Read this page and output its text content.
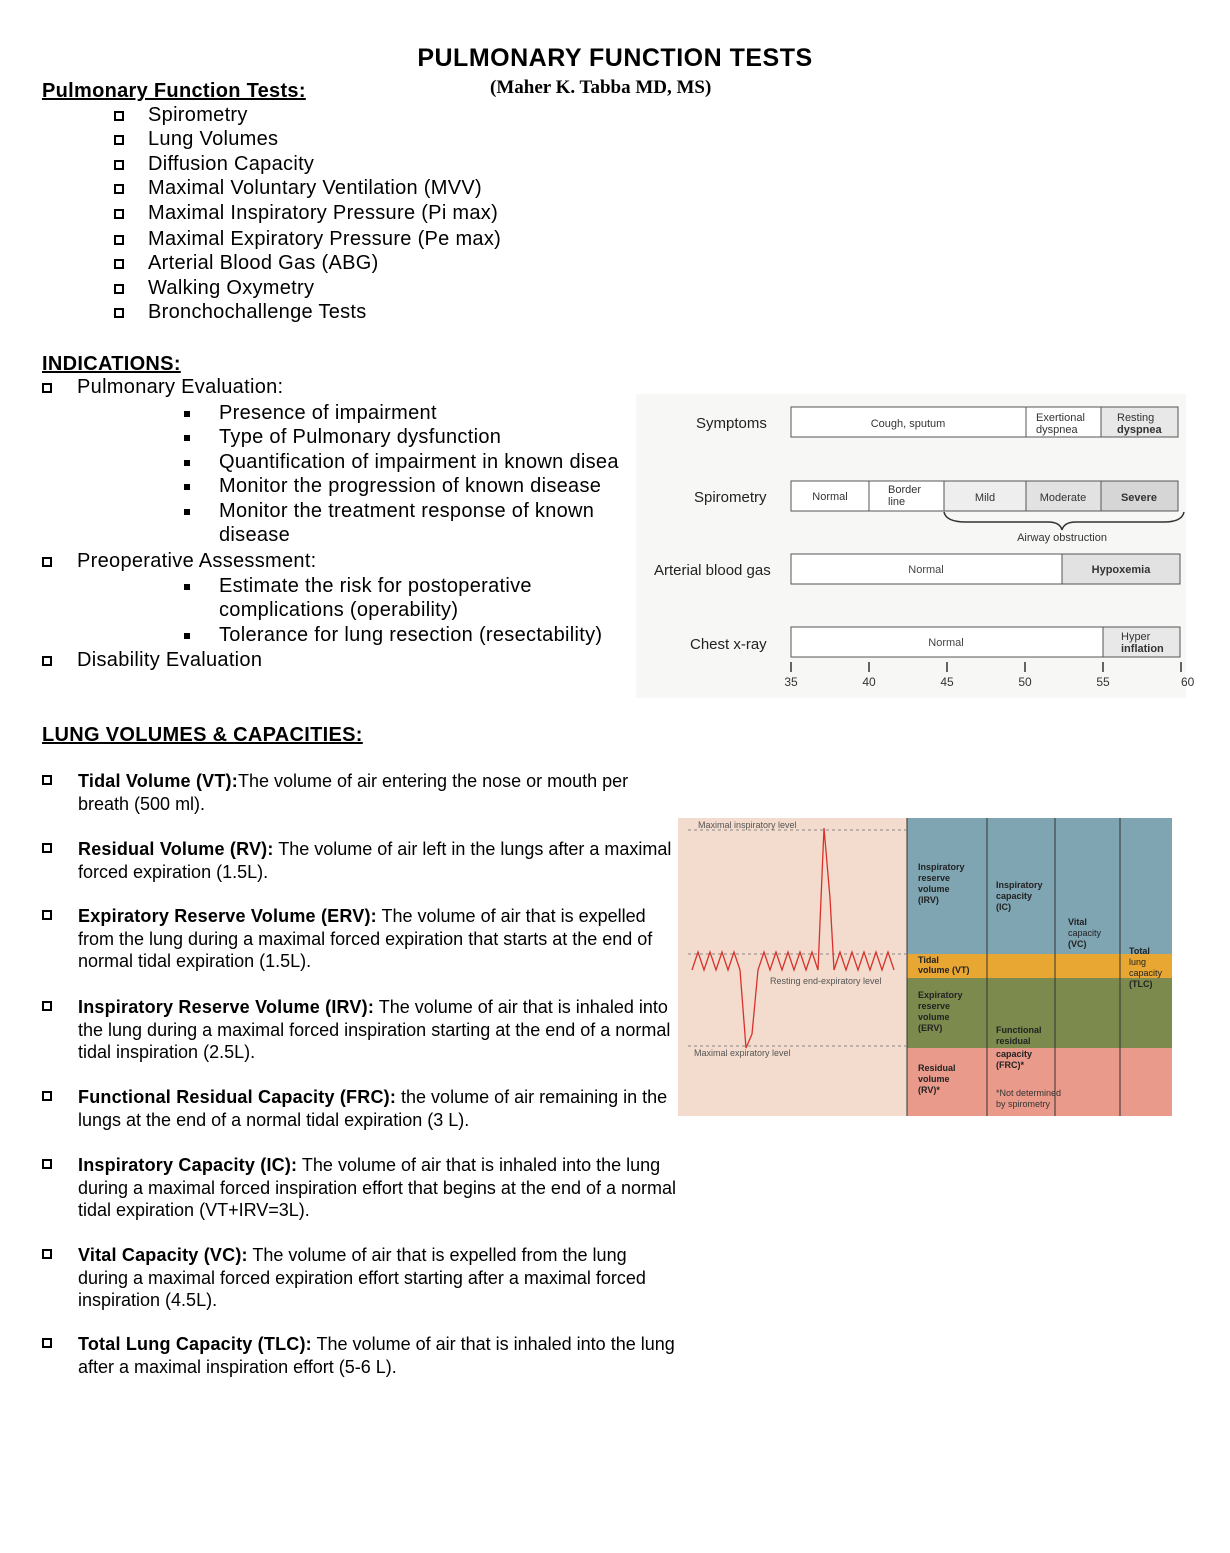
PULMONARY FUNCTION TESTS
(Maher K. Tabba MD, MS)
Pulmonary Function Tests:
Spirometry
Lung Volumes
Diffusion Capacity
Maximal Voluntary Ventilation (MVV)
Maximal Inspiratory Pressure (Pi max)
Maximal Expiratory Pressure (Pe max)
Arterial Blood Gas (ABG)
Walking Oxymetry
Bronchochallenge Tests
INDICATIONS:
Pulmonary Evaluation:
Presence of impairment
Type of Pulmonary dysfunction
Quantification of impairment in known disea
Monitor the progression of known disease
Monitor the treatment response of known
disease
Preoperative Assessment:
Estimate the risk for postoperative
complications (operability)
Tolerance for lung resection (resectability)
Disability Evaluation
Symptoms
Spirometry
Arterial blood gas
Chest x-ray
Cough, sputum	Exertional
dyspnea
Resting
dyspnea
Normal
Border
line	Mild	Moderate	Severe
Airway obstruction
Normal	Hypoxemia
Normal	Hyper
inflation
35	40	45	50	55	60
LUNG VOLUMES & CAPACITIES:
Tidal Volume (VT):The volume of air entering the nose or mouth per breath (500 ml).
Residual Volume (RV): The volume of air left in the lungs after a maximal forced expiration (1.5L).
Expiratory Reserve Volume (ERV): The volume of air that is expelled from the lung during a maximal forced expiration that starts at the end of normal tidal expiration (1.5L).
Inspiratory Reserve Volume (IRV): The volume of air that is inhaled into the lung during a maximal forced inspiration starting at the end of a normal tidal inspiration (2.5L).
Functional Residual Capacity (FRC): the volume of air remaining in the lungs at the end of a normal tidal expiration (3 L).
Inspiratory Capacity (IC): The volume of air that is inhaled into the lung during a maximal forced inspiration effort that begins at the end of a normal tidal expiration (VT+IRV=3L).
Vital Capacity (VC): The volume of air that is expelled from the lung during a maximal forced expiration effort starting after a maximal forced inspiration (4.5L).
Total Lung Capacity (TLC): The volume of air that is inhaled into the lung after a maximal inspiration effort (5-6 L).
Maximal inspiratory level
Resting end-expiratory level
Maximal expiratory level
Inspiratory
reserve
volume
(IRV)
Inspiratory
capacity
(IC)
Vital
capacity
(VC)
Total
lung
capacity
(TLC)
Tidal
volume (VT)
Expiratory
reserve
volume
(ERV)	Functional
residual
capacity
(FRC)*
Residual
volume
(RV)*	*Not determined
by spirometry
